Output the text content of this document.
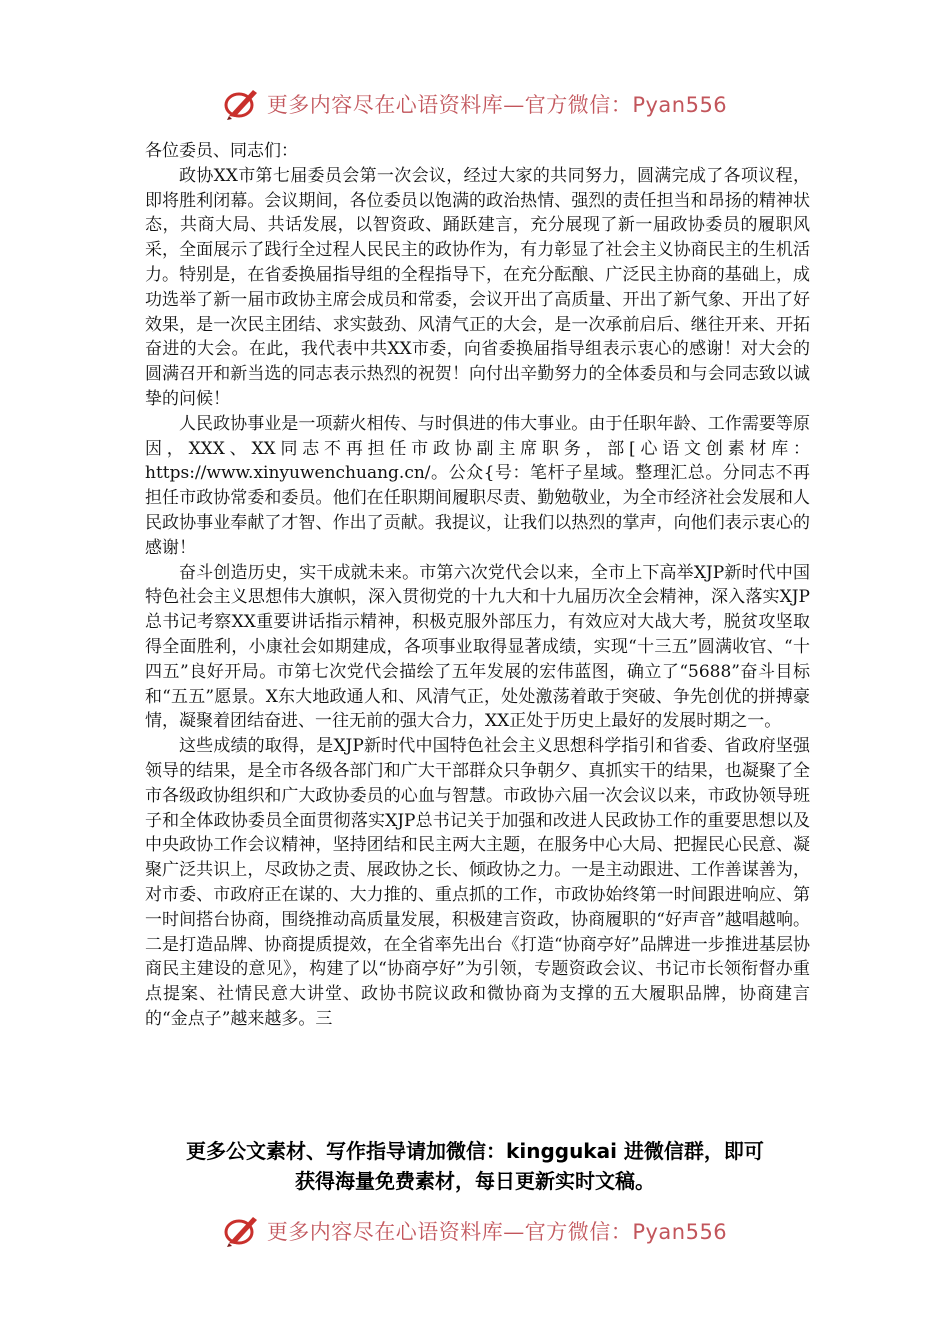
更多内容尽在心语资料库—官方微信：Pyan556

各位委员、同志们：

政协XX市第七届委员会第一次会议，经过大家的共同努力，圆满完成了各项议程，即将胜利闭幕。会议期间，各位委员以饱满的政治热情、强烈的责任担当和昂扬的精神状态，共商大局、共话发展，以智资政、踊跃建言，充分展现了新一届政协委员的履职风采，全面展示了践行全过程人民民主的政协作为，有力彰显了社会主义协商民主的生机活力。特别是，在省委换届指导组的全程指导下，在充分酝酿、广泛民主协商的基础上，成功选举了新一届市政协主席会成员和常委，会议开出了高质量、开出了新气象、开出了好效果，是一次民主团结、求实鼓劲、风清气正的大会，是一次承前启后、继往开来、开拓奋进的大会。在此，我代表中共XX市委，向省委换届指导组表示衷心的感谢！对大会的圆满召开和新当选的同志表示热烈的祝贺！向付出辛勤努力的全体委员和与会同志致以诚挚的问候！

人民政协事业是一项薪火相传、与时俱进的伟大事业。由于任职年龄、工作需要等原因，XXX、XX同志不再担任市政协副主席职务，部[心语文创素材库：https://www.xinyuwenchuang.cn/。公众{号：笔杆子星域。整理汇总。分同志不再担任市政协常委和委员。他们在任职期间履职尽责、勤勉敬业，为全市经济社会发展和人民政协事业奉献了才智、作出了贡献。我提议，让我们以热烈的掌声，向他们表示衷心的感谢！

奋斗创造历史，实干成就未来。市第六次党代会以来，全市上下高举XJP新时代中国特色社会主义思想伟大旗帜，深入贯彻党的十九大和十九届历次全会精神，深入落实XJP总书记考察XX重要讲话指示精神，积极克服外部压力，有效应对大战大考，脱贫攻坚取得全面胜利，小康社会如期建成，各项事业取得显著成绩，实现“十三五”圆满收官、“十四五”良好开局。市第七次党代会描绘了五年发展的宏伟蓝图，确立了“5688”奋斗目标和“五五”愿景。X东大地政通人和、风清气正，处处激荡着敢于突破、争先创优的拼搏豪情，凝聚着团结奋进、一往无前的强大合力，XX正处于历史上最好的发展时期之一。

这些成绩的取得，是XJP新时代中国特色社会主义思想科学指引和省委、省政府坚强领导的结果，是全市各级各部门和广大干部群众只争朝夕、真抓实干的结果，也凝聚了全市各级政协组织和广大政协委员的心血与智慧。市政协六届一次会议以来，市政协领导班子和全体政协委员全面贯彻落实XJP总书记关于加强和改进人民政协工作的重要思想以及中央政协工作会议精神，坚持团结和民主两大主题，在服务中心大局、把握民心民意、凝聚广泛共识上，尽政协之责、展政协之长、倾政协之力。一是主动跟进、工作善谋善为，对市委、市政府正在谋的、大力推的、重点抓的工作，市政协始终第一时间跟进响应、第一时间搭台协商，围绕推动高质量发展，积极建言资政，协商履职的“好声音”越唱越响。二是打造品牌、协商提质提效，在全省率先出台《打造“协商亭好”品牌进一步推进基层协商民主建设的意见》，构建了以“协商亭好”为引领，专题资政会议、书记市长领衔督办重点提案、社情民意大讲堂、政协书院议政和微协商为支撑的五大履职品牌，协商建言的“金点子”越来越多。三

更多公文素材、写作指导请加微信：kinggukai 进微信群，即可
获得海量免费素材，每日更新实时文稿。
更多内容尽在心语资料库—官方微信：Pyan556
